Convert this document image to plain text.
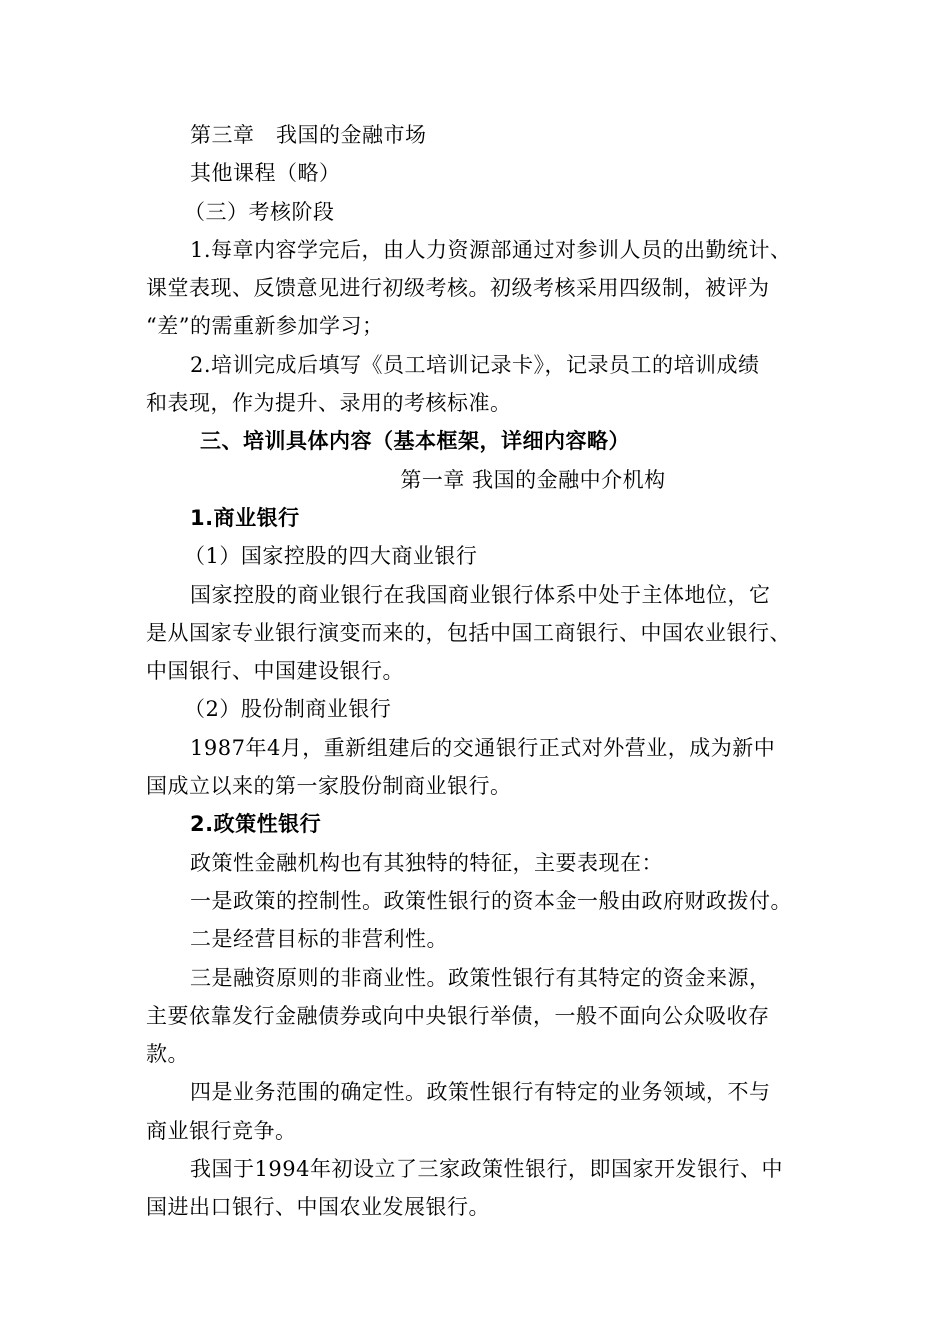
第三章　我国的金融市场
其他课程（略）
（三）考核阶段
1.每章内容学完后，由人力资源部通过对参训人员的出勤统计、
课堂表现、反馈意见进行初级考核。初级考核采用四级制，被评为
“差”的需重新参加学习；
2.培训完成后填写《员工培训记录卡》，记录员工的培训成绩
和表现，作为提升、录用的考核标准。
三、培训具体内容（基本框架，详细内容略）
第一章 我国的金融中介机构
1.商业银行
（1）国家控股的四大商业银行
国家控股的商业银行在我国商业银行体系中处于主体地位，它
是从国家专业银行演变而来的，包括中国工商银行、中国农业银行、
中国银行、中国建设银行。
（2）股份制商业银行
1987年4月，重新组建后的交通银行正式对外营业，成为新中
国成立以来的第一家股份制商业银行。
2.政策性银行
政策性金融机构也有其独特的特征，主要表现在：
一是政策的控制性。政策性银行的资本金一般由政府财政拨付。
二是经营目标的非营利性。
三是融资原则的非商业性。政策性银行有其特定的资金来源，
主要依靠发行金融债券或向中央银行举债，一般不面向公众吸收存
款。
四是业务范围的确定性。政策性银行有特定的业务领域，不与
商业银行竞争。
我国于1994年初设立了三家政策性银行，即国家开发银行、中
国进出口银行、中国农业发展银行。
